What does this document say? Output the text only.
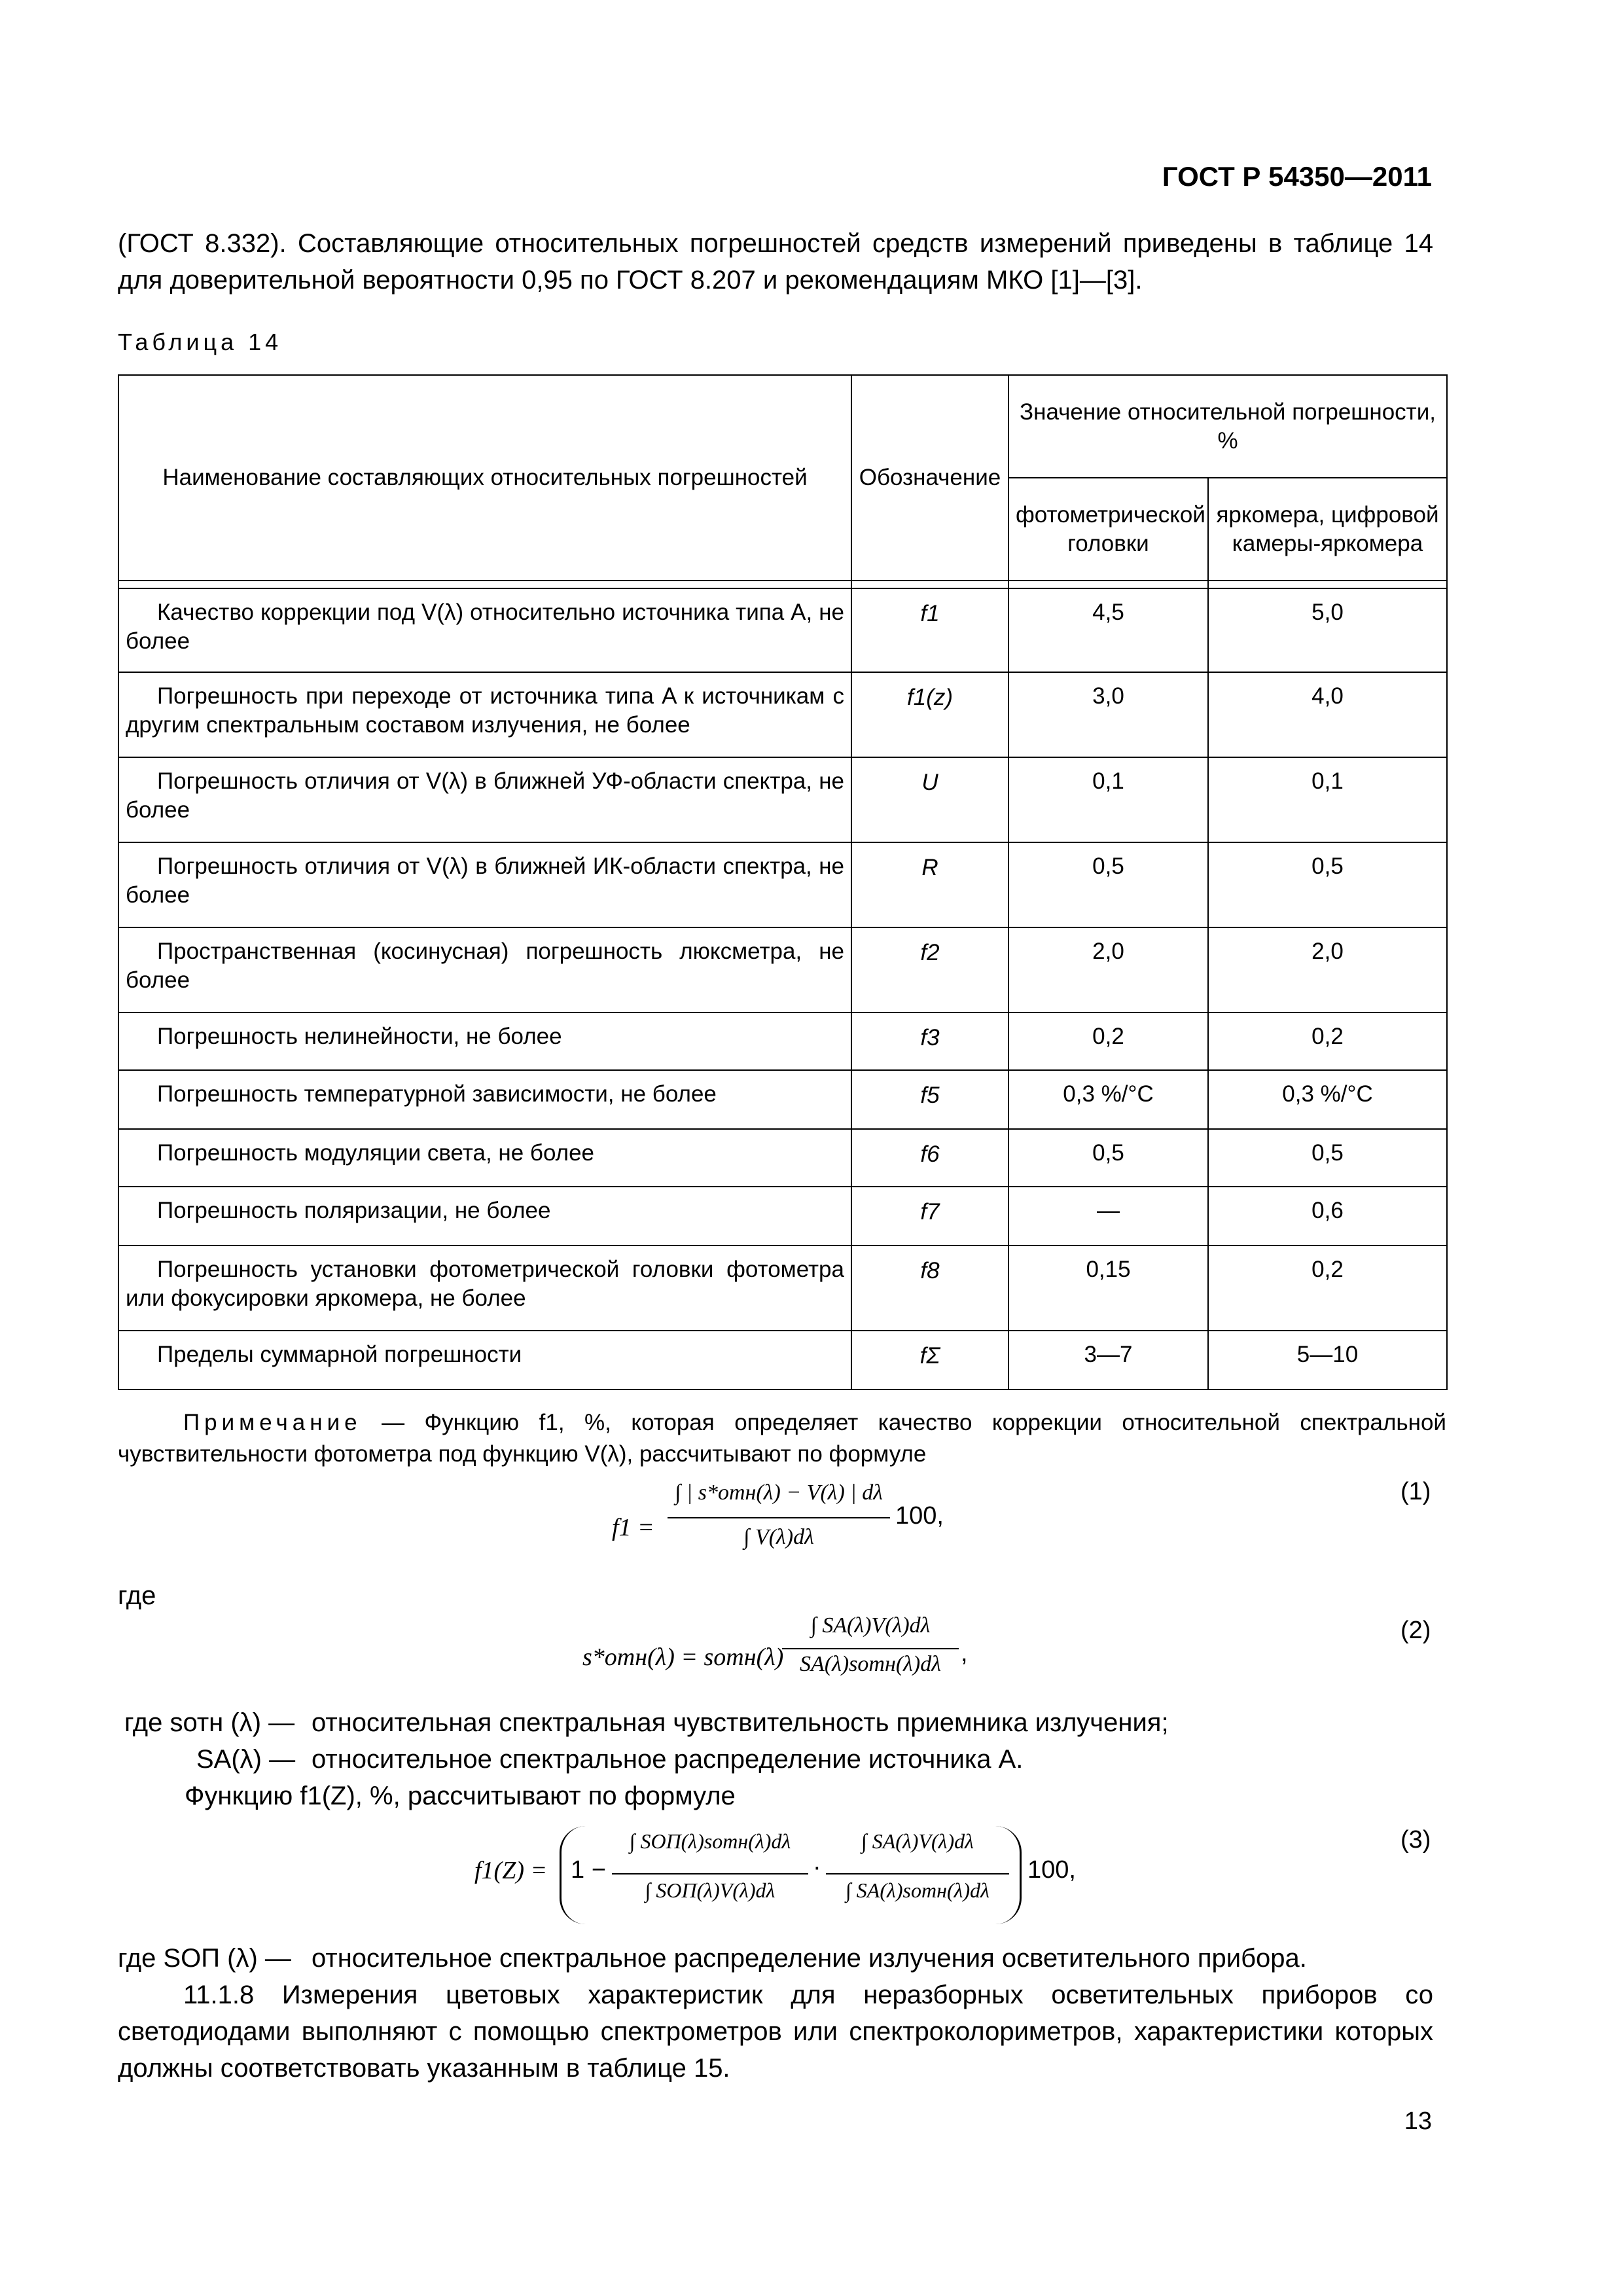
ГОСТ Р 54350—2011
(ГОСТ 8.332). Составляющие относительных погрешностей средств измерений приведены в таблице 14 для доверительной вероятности 0,95 по ГОСТ 8.207 и рекомендациям МКО [1]—[3].
Таблица 14
Наименование составляющих относительных погрешностей	Обозначение	Значение относительной погрешности, %	
		фотометрической головки	яркомера, цифровой камеры-яркомера

Качество коррекции под V(λ) относительно источника типа A, не более	f1	4,5	5,0
Погрешность при переходе от источника типа A к источникам с другим спектральным составом излучения, не более	f1(z)	3,0	4,0
Погрешность отличия от V(λ) в ближней УФ-области спектра, не более	U	0,1	0,1
Погрешность отличия от V(λ) в ближней ИК-области спектра, не более	R	0,5	0,5
Пространственная (косинусная) погрешность люксметра, не более	f2	2,0	2,0
Погрешность нелинейности, не более	f3	0,2	0,2
Погрешность температурной зависимости, не более	f5	0,3 %/°C	0,3 %/°C
Погрешность модуляции света, не более	f6	0,5	0,5
Погрешность поляризации, не более	f7	—	0,6
Погрешность установки фотометрической головки фотометра или фокусировки яркомера, не более	f8	0,15	0,2
Пределы суммарной погрешности	fΣ	3—7	5—10
Примечание — Функцию f1, %, которая определяет качество коррекции относительной спектральной чувствительности фотометра под функцию V(λ), рассчитывают по формуле
f1 =
∫ | s*отн(λ) − V(λ) | dλ
∫ V(λ)dλ
100,
(1)
где
s*отн(λ) = sотн(λ)
∫ SA(λ)V(λ)dλ
SA(λ)sотн(λ)dλ ,
(2)
где sотн (λ) — относительная спектральная чувствительность приемника излучения;
SA(λ) — относительное спектральное распределение источника A.
Функцию f1(Z), %, рассчитывают по формуле
f1(Z) = 1 −
∫ SОП(λ)sотн(λ)dλ
∫ SОП(λ)V(λ)dλ
·
∫ SA(λ)V(λ)dλ
∫ SA(λ)sотн(λ)dλ
100,
(3)
где SОП (λ) — относительное спектральное распределение излучения осветительного прибора.
11.1.8 Измерения цветовых характеристик для неразборных осветительных приборов со светодиодами выполняют с помощью спектрометров или спектроколориметров, характеристики которых должны соответствовать указанным в таблице 15.
13
